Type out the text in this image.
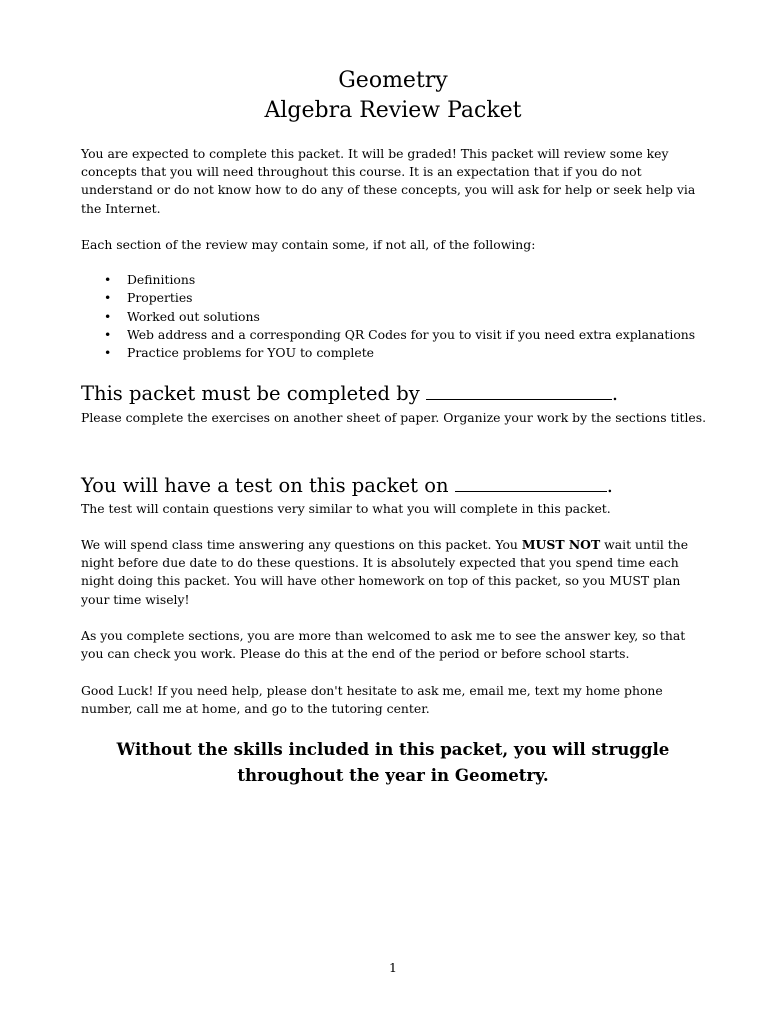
Geometry
Algebra Review Packet

You are expected to complete this packet. It will be graded! This packet will review some key concepts that you will need throughout this course. It is an expectation that if you do not understand or do not know how to do any of these concepts, you will ask for help or seek help via the Internet.

Each section of the review may contain some, if not all, of the following:

• Definitions
• Properties
• Worked out solutions
• Web address and a corresponding QR Codes for you to visit if you need extra explanations
• Practice problems for YOU to complete
This packet must be completed by	.

Please complete the exercises on another sheet of paper. Organize your work by the sections titles.

You will have a test on this packet on	.

The test will contain questions very similar to what you will complete in this packet.

We will spend class time answering any questions on this packet. You MUST NOT wait until the night before due date to do these questions. It is absolutely expected that you spend time each night doing this packet. You will have other homework on top of this packet, so you MUST plan your time wisely!

As you complete sections, you are more than welcomed to ask me to see the answer key, so that you can check you work. Please do this at the end of the period or before school starts.

Good Luck! If you need help, please don't hesitate to ask me, email me, text my home phone number, call me at home, and go to the tutoring center.

Without the skills included in this packet, you will struggle
throughout the year in Geometry.
1
